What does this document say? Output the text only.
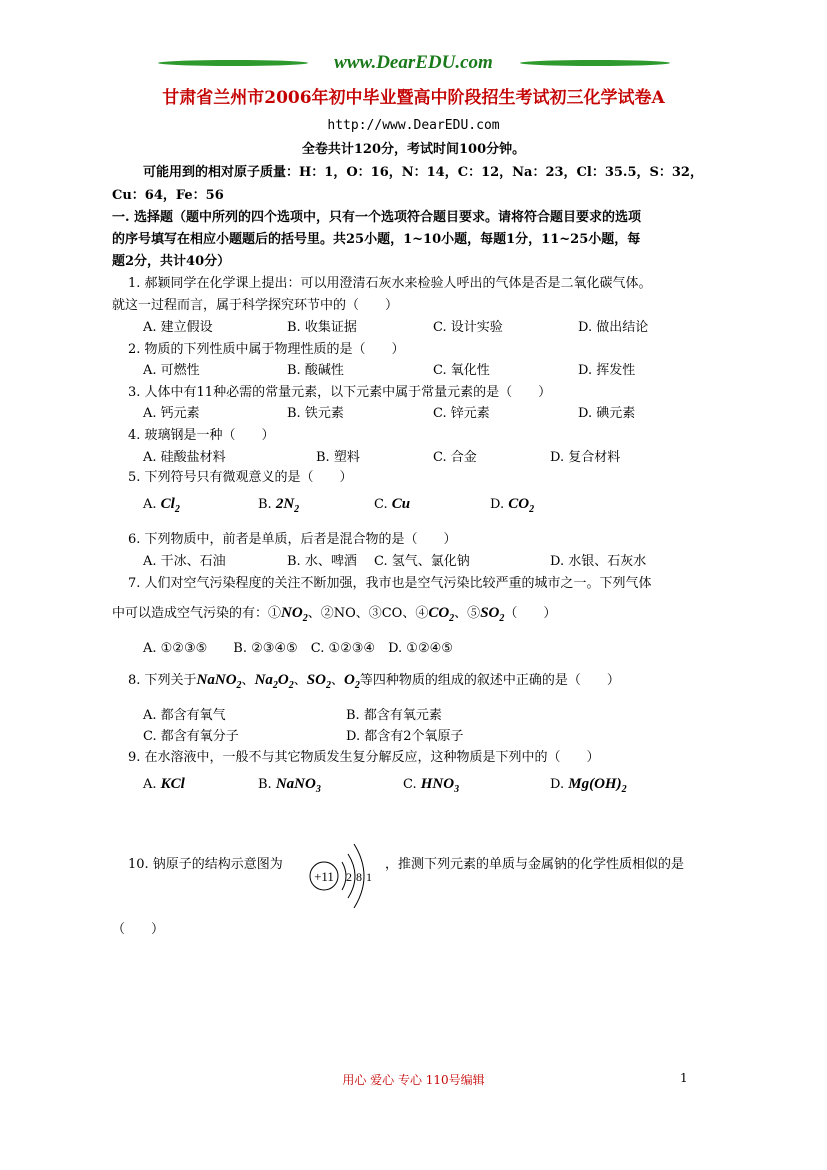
www.DearEDU.com
甘肃省兰州市2006年初中毕业暨高中阶段招生考试初三化学试卷A
http://www.DearEDU.com
全卷共计120分，考试时间100分钟。
可能用到的相对原子质量：H：1，O：16，N：14，C：12，Na：23，Cl：35.5，S：32，
Cu：64，Fe：56
一. 选择题（题中所列的四个选项中，只有一个选项符合题目要求。请将符合题目要求的选项
的序号填写在相应小题题后的括号里。共25小题，1~10小题，每题1分，11~25小题，每
题2分，共计40分）
1. 郝颖同学在化学课上提出：可以用澄清石灰水来检验人呼出的气体是否是二氧化碳气体。
就这一过程而言，属于科学探究环节中的（　　）
A. 建立假设	B. 收集证据	C. 设计实验	D. 做出结论
2. 物质的下列性质中属于物理性质的是（　　）
A. 可燃性	B. 酸碱性	C. 氧化性	D. 挥发性
3. 人体中有11种必需的常量元素，以下元素中属于常量元素的是（　　）
A. 钙元素	B. 铁元素	C. 锌元素	D. 碘元素
4. 玻璃钢是一种（　　）
A. 硅酸盐材料	B. 塑料	C. 合金	D. 复合材料
5. 下列符号只有微观意义的是（　　）
A. $Cl_2$	B. $2N_2$	C. Cu	D. $CO_2$
6. 下列物质中，前者是单质，后者是混合物的是（　　）
A. 干冰、石油	B. 水、啤酒 C. 氢气、氯化钠	D. 水银、石灰水
7. 人们对空气污染程度的关注不断加强，我市也是空气污染比较严重的城市之一。下列气体
中可以造成空气污染的有：$①NO_2$、②NO、③CO、$④CO_2$、$⑤SO_2$（　　）
A. ①②③⑤　　B. ②③④⑤　C. ①②③④　D. ①②④⑤
8. 下列关于NaNO$_2$、$Na_2O_2$、$SO_2$、$O_2$等四种物质的组成的叙述中正确的是（　　）
A. 都含有氧气	B. 都含有氧元素
C. 都含有氧分子	D. 都含有2个氧原子
9. 在水溶液中，一般不与其它物质发生复分解反应，这种物质是下列中的（　　）
A. KCl	B. NaNO$_3$	C. $HNO_3$	D. $Mg(OH)_2$
10. 钠原子的结构示意图为
+11 2 8 1
，推测下列元素的单质与金属钠的化学性质相似的是
（　　）
用心 爱心 专心 110号编辑	1
